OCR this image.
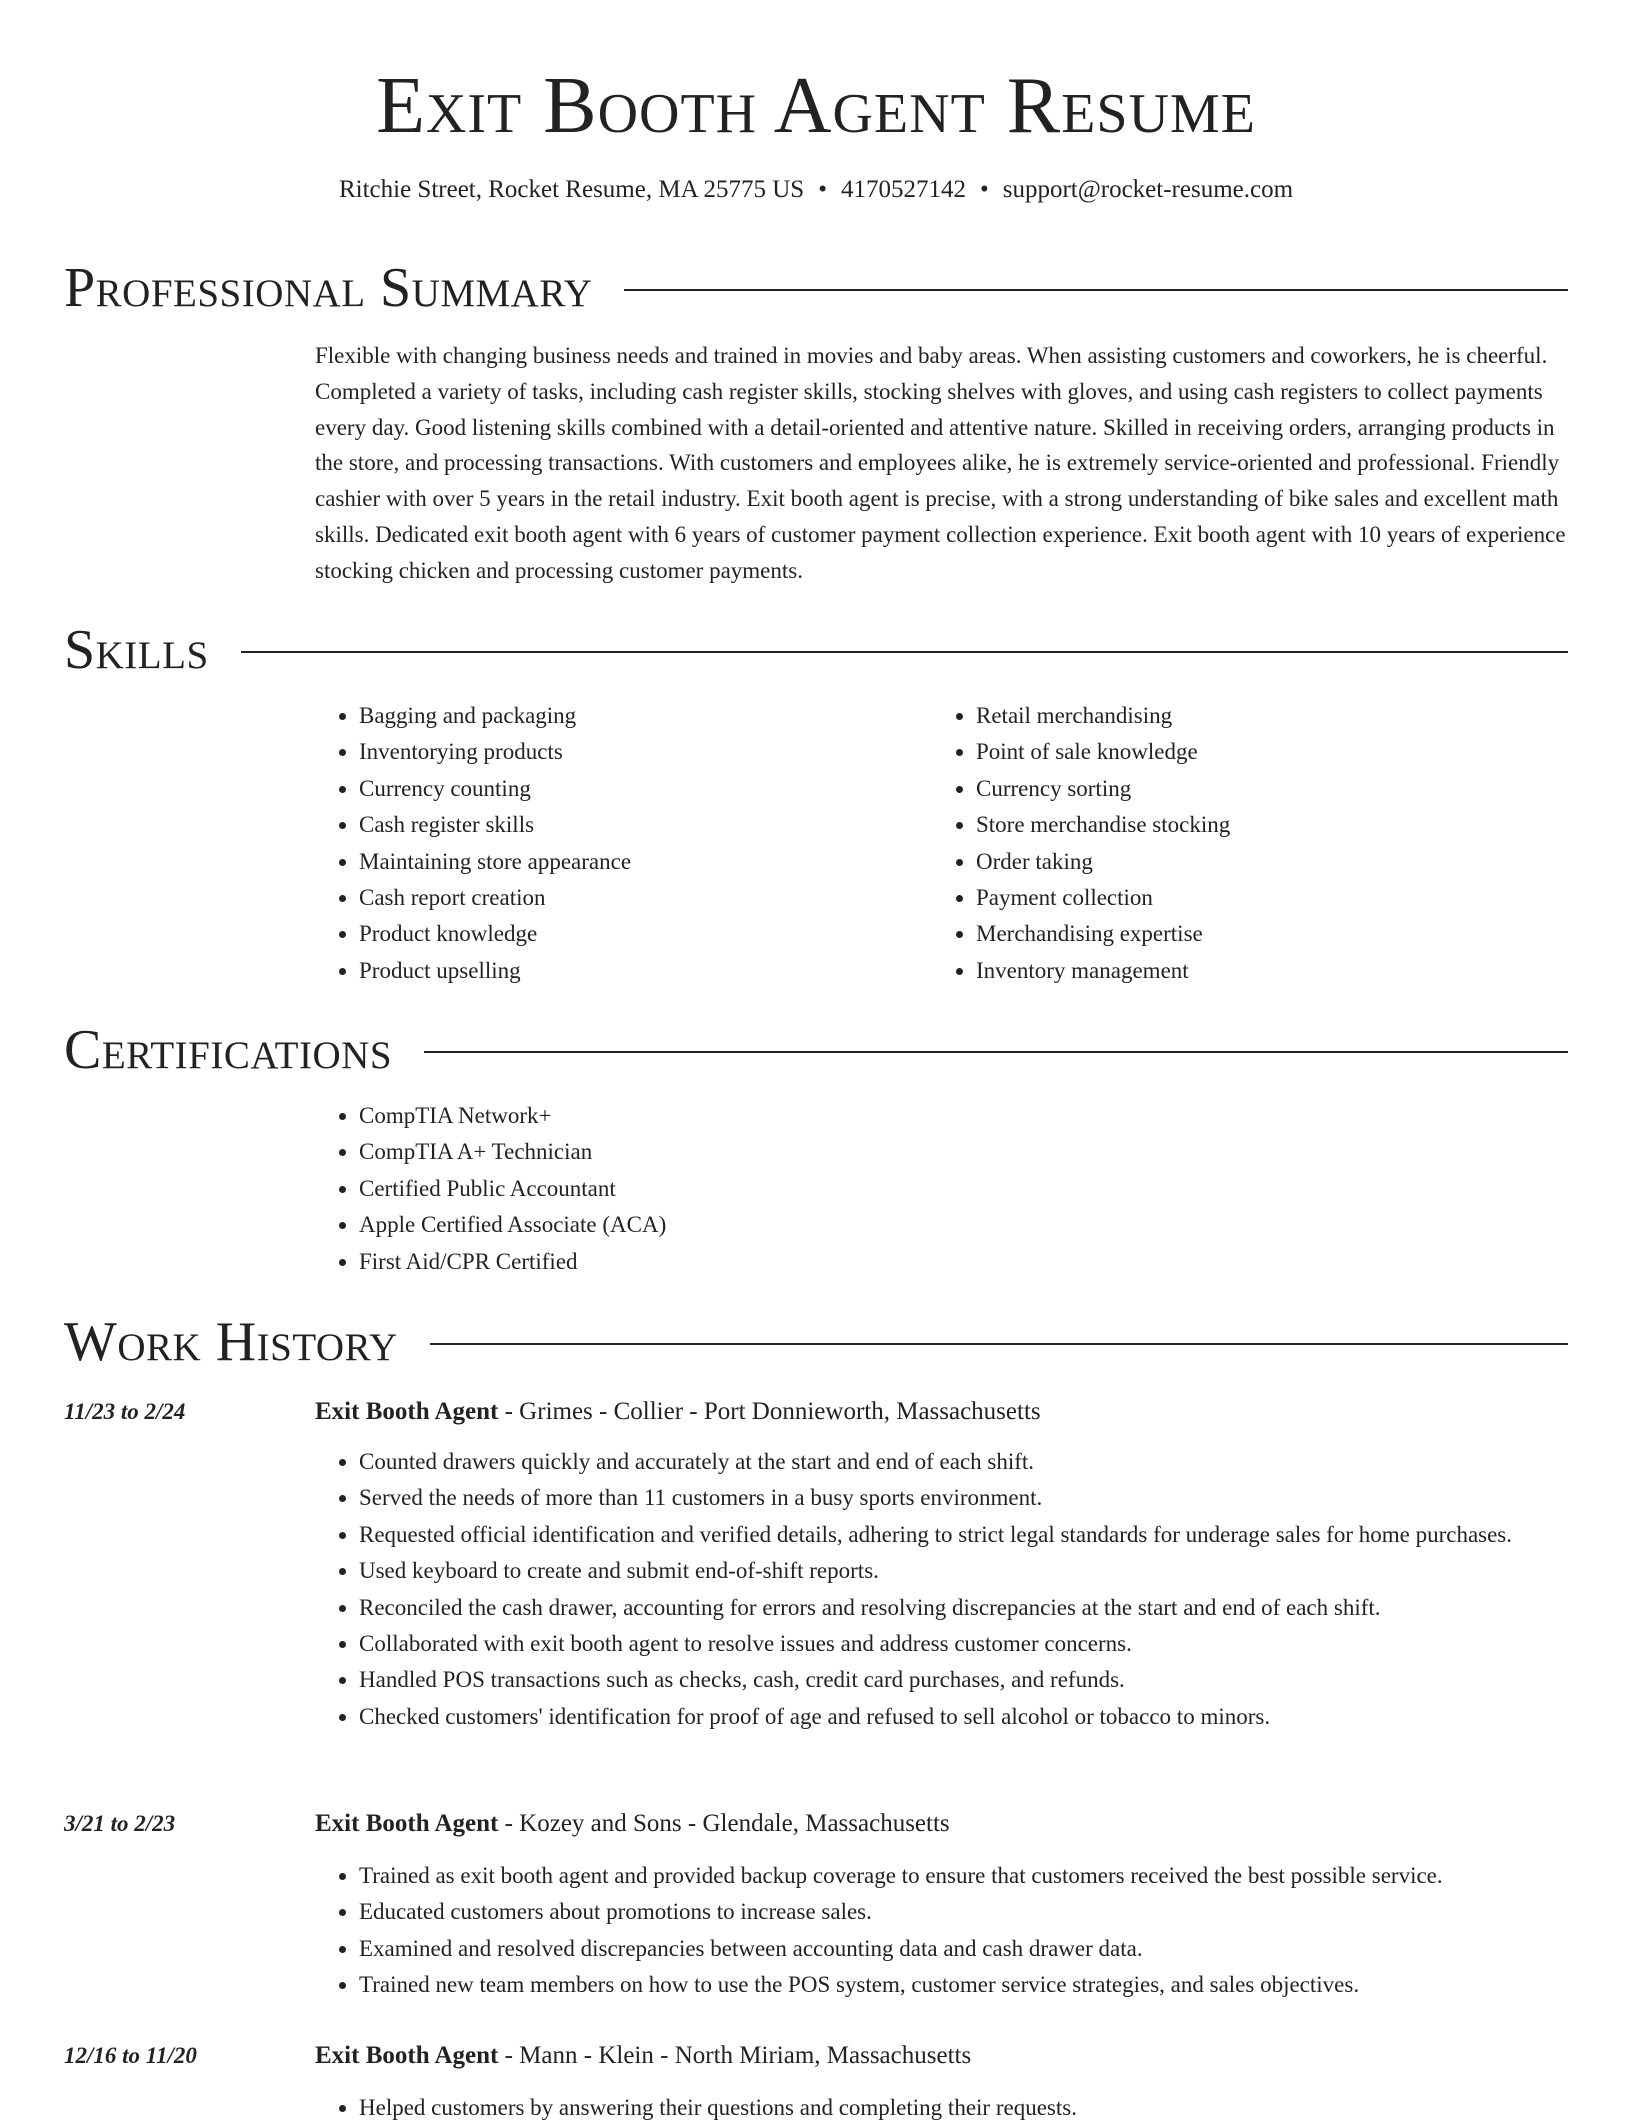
Exit Booth Agent Resume
Ritchie Street, Rocket Resume, MA 25775 US • 4170527142 • support@rocket-resume.com
Professional Summary

Flexible with changing business needs and trained in movies and baby areas. When assisting customers and coworkers, he is cheerful. Completed a variety of tasks, including cash register skills, stocking shelves with gloves, and using cash registers to collect payments every day. Good listening skills combined with a detail-oriented and attentive nature. Skilled in receiving orders, arranging products in the store, and processing transactions. With customers and employees alike, he is extremely service-oriented and professional. Friendly cashier with over 5 years in the retail industry. Exit booth agent is precise, with a strong understanding of bike sales and excellent math skills. Dedicated exit booth agent with 6 years of customer payment collection experience. Exit booth agent with 10 years of experience stocking chicken and processing customer payments.

Skills
• Bagging and packaging
• Inventorying products
• Currency counting
• Cash register skills
• Maintaining store appearance
• Cash report creation
• Product knowledge
• Product upselling
• Retail merchandising
• Point of sale knowledge
• Currency sorting
• Store merchandise stocking
• Order taking
• Payment collection
• Merchandising expertise
• Inventory management
Certifications
• CompTIA Network+
• CompTIA A+ Technician
• Certified Public Accountant
• Apple Certified Associate (ACA)
• First Aid/CPR Certified
Work History
11/23 to 2/24	Exit Booth Agent - Grimes - Collier - Port Donnieworth, Massachusetts
• Counted drawers quickly and accurately at the start and end of each shift.
• Served the needs of more than 11 customers in a busy sports environment.
• Requested official identification and verified details, adhering to strict legal standards for underage sales for home purchases.
• Used keyboard to create and submit end-of-shift reports.
• Reconciled the cash drawer, accounting for errors and resolving discrepancies at the start and end of each shift.
• Collaborated with exit booth agent to resolve issues and address customer concerns.
• Handled POS transactions such as checks, cash, credit card purchases, and refunds.
• Checked customers' identification for proof of age and refused to sell alcohol or tobacco to minors.
3/21 to 2/23	Exit Booth Agent - Kozey and Sons - Glendale, Massachusetts
• Trained as exit booth agent and provided backup coverage to ensure that customers received the best possible service.
• Educated customers about promotions to increase sales.
• Examined and resolved discrepancies between accounting data and cash drawer data.
• Trained new team members on how to use the POS system, customer service strategies, and sales objectives.
12/16 to 11/20	Exit Booth Agent - Mann - Klein - North Miriam, Massachusetts
• Helped customers by answering their questions and completing their requests.
